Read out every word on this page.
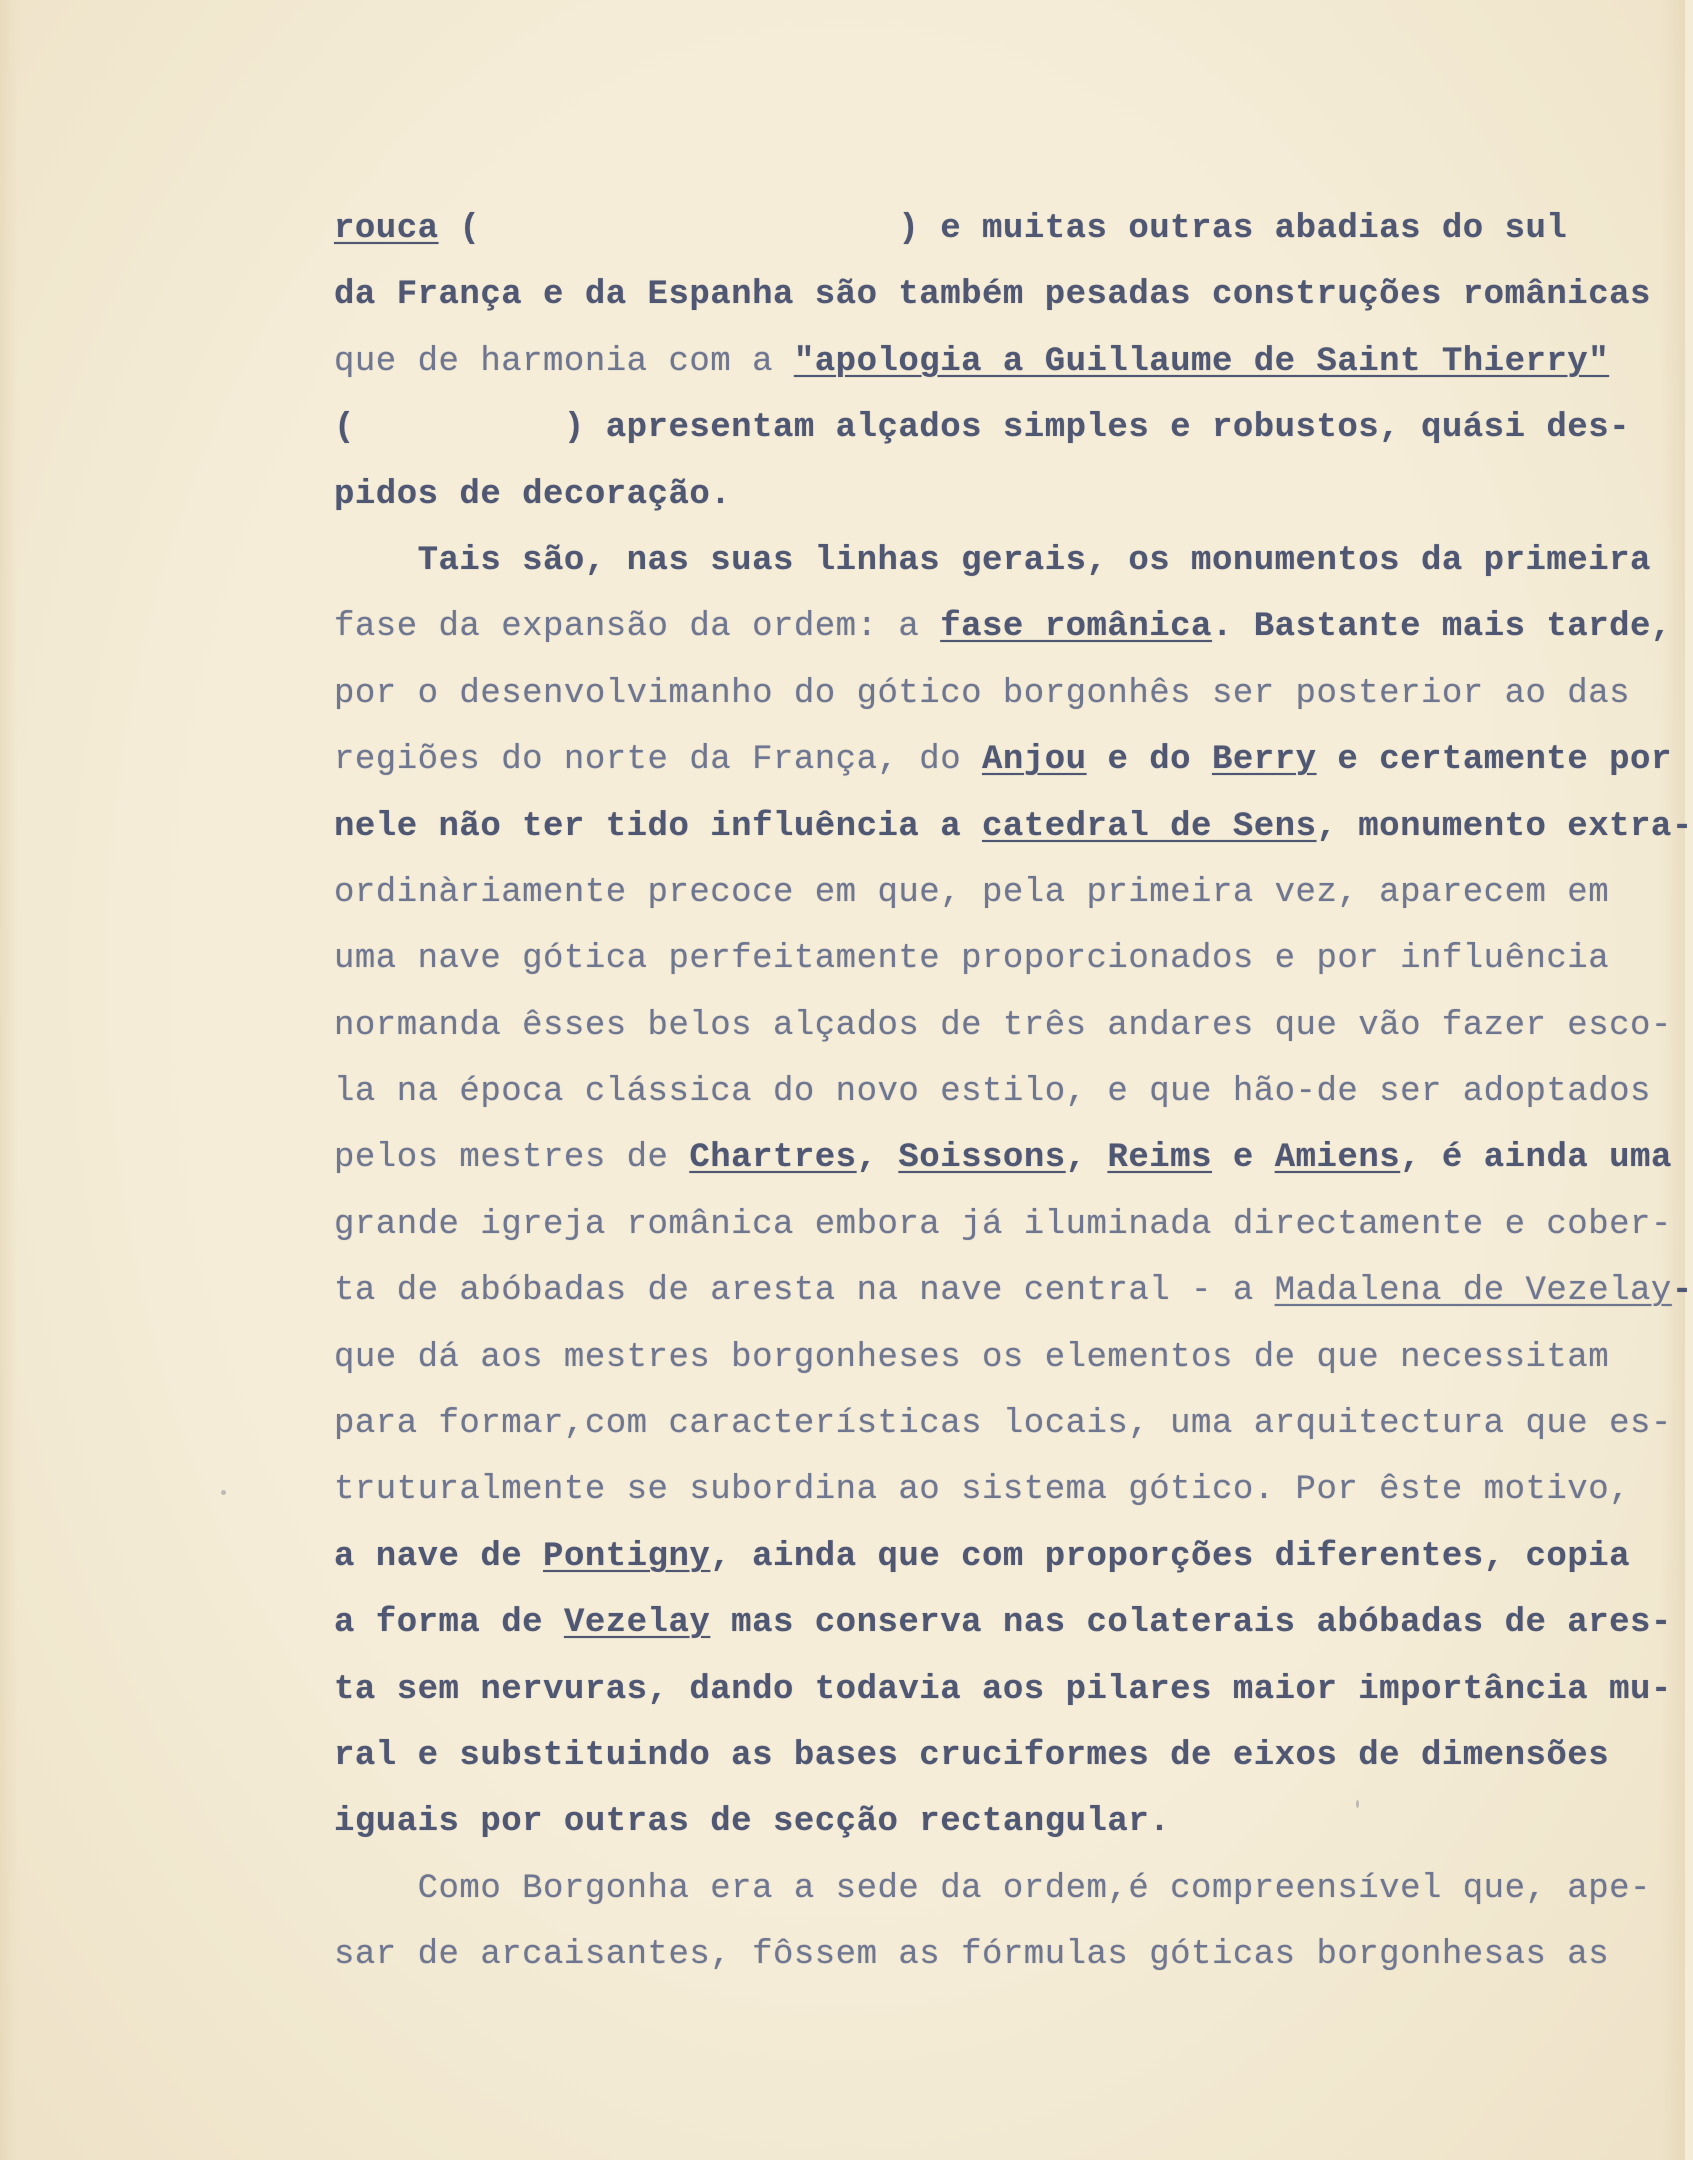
rouca (                    ) e muitas outras abadias do sul
da França e da Espanha são também pesadas construções românicas
que de harmonia com a "apologia a Guillaume de Saint Thierry"
(          ) apresentam alçados simples e robustos, quási des-
pidos de decoração.
Tais são, nas suas linhas gerais, os monumentos da primeira
fase da expansão da ordem: a fase românica. Bastante mais tarde,
por o desenvolvimanho do gótico borgonhês ser posterior ao das
regiões do norte da França, do Anjou e do Berry e certamente por
nele não ter tido influência a catedral de Sens, monumento extra-
ordinàriamente precoce em que, pela primeira vez, aparecem em
uma nave gótica perfeitamente proporcionados e por influência
normanda êsses belos alçados de três andares que vão fazer esco-
la na época clássica do novo estilo, e que hão-de ser adoptados
pelos mestres de Chartres, Soissons, Reims e Amiens, é ainda uma
grande igreja românica embora já iluminada directamente e cober-
ta de abóbadas de aresta na nave central - a Madalena de Vezelay-
que dá aos mestres borgonheses os elementos de que necessitam
para formar,com características locais, uma arquitectura que es-
truturalmente se subordina ao sistema gótico. Por êste motivo,
a nave de Pontigny, ainda que com proporções diferentes, copia
a forma de Vezelay mas conserva nas colaterais abóbadas de ares-
ta sem nervuras, dando todavia aos pilares maior importância mu-
ral e substituindo as bases cruciformes de eixos de dimensões
iguais por outras de secção rectangular.
Como Borgonha era a sede da ordem,é compreensível que, ape-
sar de arcaisantes, fôssem as fórmulas góticas borgonhesas as
